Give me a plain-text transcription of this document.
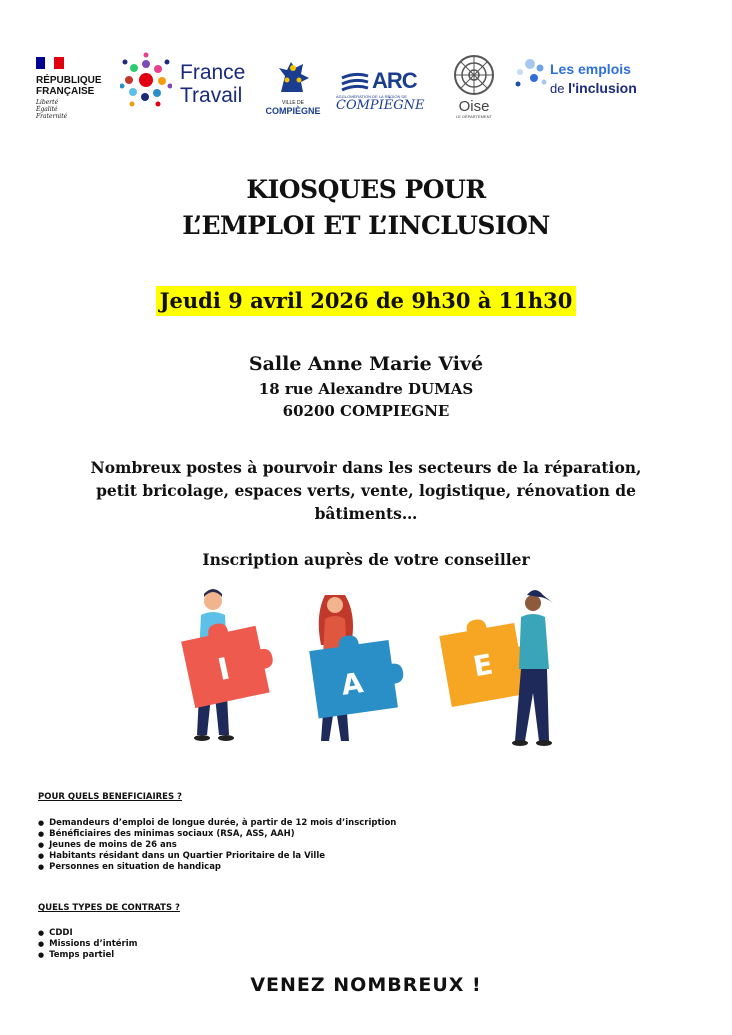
RÉPUBLIQUE
FRANÇAISE
Liberté
Égalité
Fraternité
France
Travail	VILLE DE
COMPIÈGNE
ARC
AGGLOMÉRATION DE LA RÉGION DE
COMPIÈGNE	Oise
LE DÉPARTEMENT
Les emplois
de l'inclusion
KIOSQUES POUR
L’EMPLOI ET L’INCLUSION
Jeudi 9 avril 2026 de 9h30 à 11h30
Salle Anne Marie Vivé
18 rue Alexandre DUMAS
60200 COMPIEGNE
Nombreux postes à pourvoir dans les secteurs de la réparation,
petit bricolage, espaces verts, vente, logistique, rénovation de
bâtiments…
Inscription auprès de votre conseiller
I	A
E
POUR QUELS BENEFICIAIRES ?
● Demandeurs d’emploi de longue durée, à partir de 12 mois d’inscription
● Bénéficiaires des minimas sociaux (RSA, ASS, AAH)
● Jeunes de moins de 26 ans
● Habitants résidant dans un Quartier Prioritaire de la Ville
● Personnes en situation de handicap
QUELS TYPES DE CONTRATS ?
● CDDI
● Missions d’intérim
● Temps partiel
VENEZ NOMBREUX !
